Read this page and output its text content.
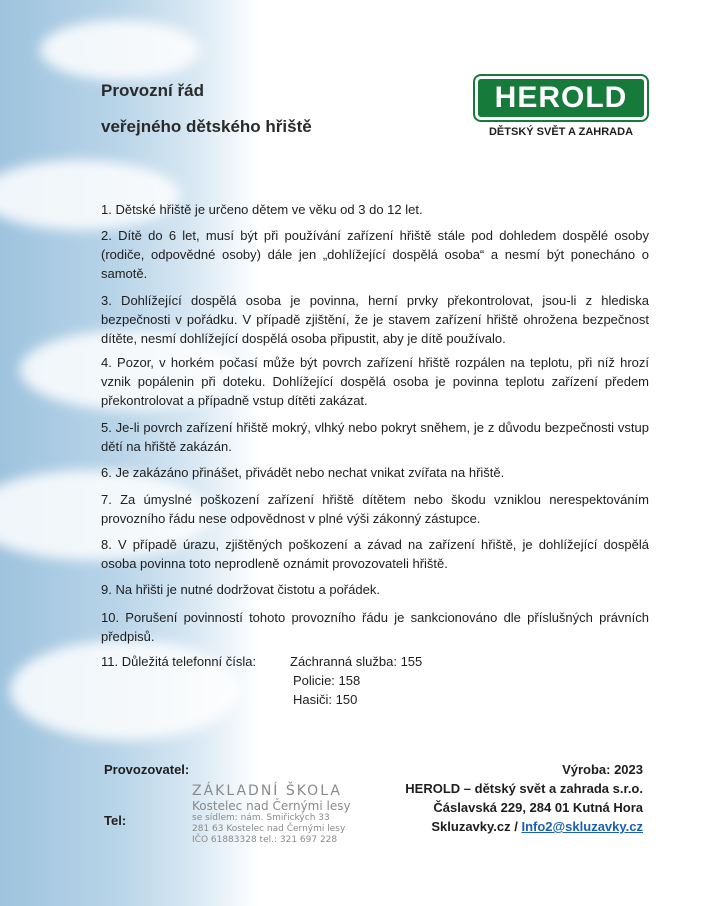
Provozní řád
veřejného dětského hřiště
HEROLD
DĚTSKÝ SVĚT A ZAHRADA
1. Dětské hřiště je určeno dětem ve věku od 3 do 12 let.
2. Dítě do 6 let, musí být při používání zařízení hřiště stále pod dohledem dospělé osoby (rodiče, odpovědné osoby) dále jen „dohlížející dospělá osoba“ a nesmí být ponecháno o samotě.
3. Dohlížející dospělá osoba je povinna, herní prvky překontrolovat, jsou-li z hlediska bezpečnosti v pořádku. V případě zjištění, že je stavem zařízení hřiště ohrožena bezpečnost dítěte, nesmí dohlížející dospělá osoba připustit, aby je dítě používalo.
4. Pozor, v horkém počasí může být povrch zařízení hřiště rozpálen na teplotu, při níž hrozí vznik popálenin při doteku. Dohlížející dospělá osoba je povinna teplotu zařízení předem překontrolovat a případně vstup dítěti zakázat.
5. Je-li povrch zařízení hřiště mokrý, vlhký nebo pokryt sněhem, je z důvodu bezpečnosti vstup dětí na hřiště zakázán.
6. Je zakázáno přinášet, přivádět nebo nechat vnikat zvířata na hřiště.
7. Za úmyslné poškození zařízení hřiště dítětem nebo škodu vzniklou nerespektováním provozního řádu nese odpovědnost v plné výši zákonný zástupce.
8. V případě úrazu, zjištěných poškození a závad na zařízení hřiště, je dohlížející dospělá osoba povinna toto neprodleně oznámit provozovateli hřiště.
9. Na hřišti je nutné dodržovat čistotu a pořádek.
10. Porušení povinností tohoto provozního řádu je sankcionováno dle příslušných právních předpisů.
11. Důležitá telefonní čísla:	Záchranná služba: 155
Policie: 158
Hasiči: 150
Provozovatel:
Tel:
ZÁKLADNÍ ŠKOLA
Kostelec nad Černými lesy
se sídlem: nám. Smiřických 33
281 63 Kostelec nad Černými lesy
IČO 61883328 tel.: 321 697 228
Výroba: 2023
HEROLD – dětský svět a zahrada s.r.o.
Čáslavská 229, 284 01 Kutná Hora
Skluzavky.cz / Info2@skluzavky.cz
